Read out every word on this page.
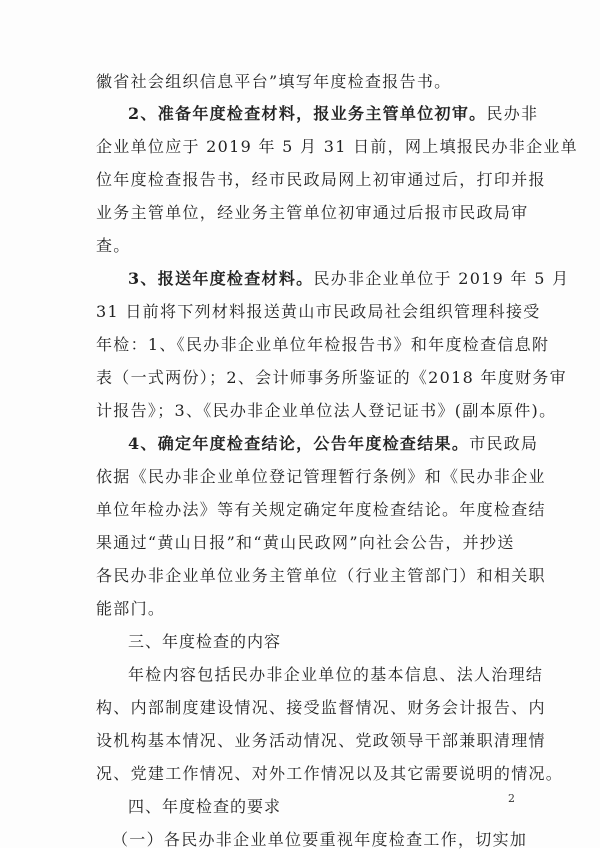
徽省社会组织信息平台”填写年度检查报告书。
2、准备年度检查材料，报业务主管单位初审。民办非
企业单位应于 2019 年 5 月 31 日前，网上填报民办非企业单
位年度检查报告书，经市民政局网上初审通过后，打印并报
业务主管单位，经业务主管单位初审通过后报市民政局审
查。
3、报送年度检查材料。民办非企业单位于 2019 年 5 月
31 日前将下列材料报送黄山市民政局社会组织管理科接受
年检：1、《民办非企业单位年检报告书》和年度检查信息附
表（一式两份）；2、会计师事务所鉴证的《2018 年度财务审
计报告》；3、《民办非企业单位法人登记证书》(副本原件)。
4、确定年度检查结论，公告年度检查结果。市民政局
依据《民办非企业单位登记管理暂行条例》和《民办非企业
单位年检办法》等有关规定确定年度检查结论。年度检查结
果通过“黄山日报”和“黄山民政网”向社会公告，并抄送
各民办非企业单位业务主管单位（行业主管部门）和相关职
能部门。
三、年度检查的内容
年检内容包括民办非企业单位的基本信息、法人治理结
构、内部制度建设情况、接受监督情况、财务会计报告、内
设机构基本情况、业务活动情况、党政领导干部兼职清理情
况、党建工作情况、对外工作情况以及其它需要说明的情况。
四、年度检查的要求
（一）各民办非企业单位要重视年度检查工作，切实加
2
